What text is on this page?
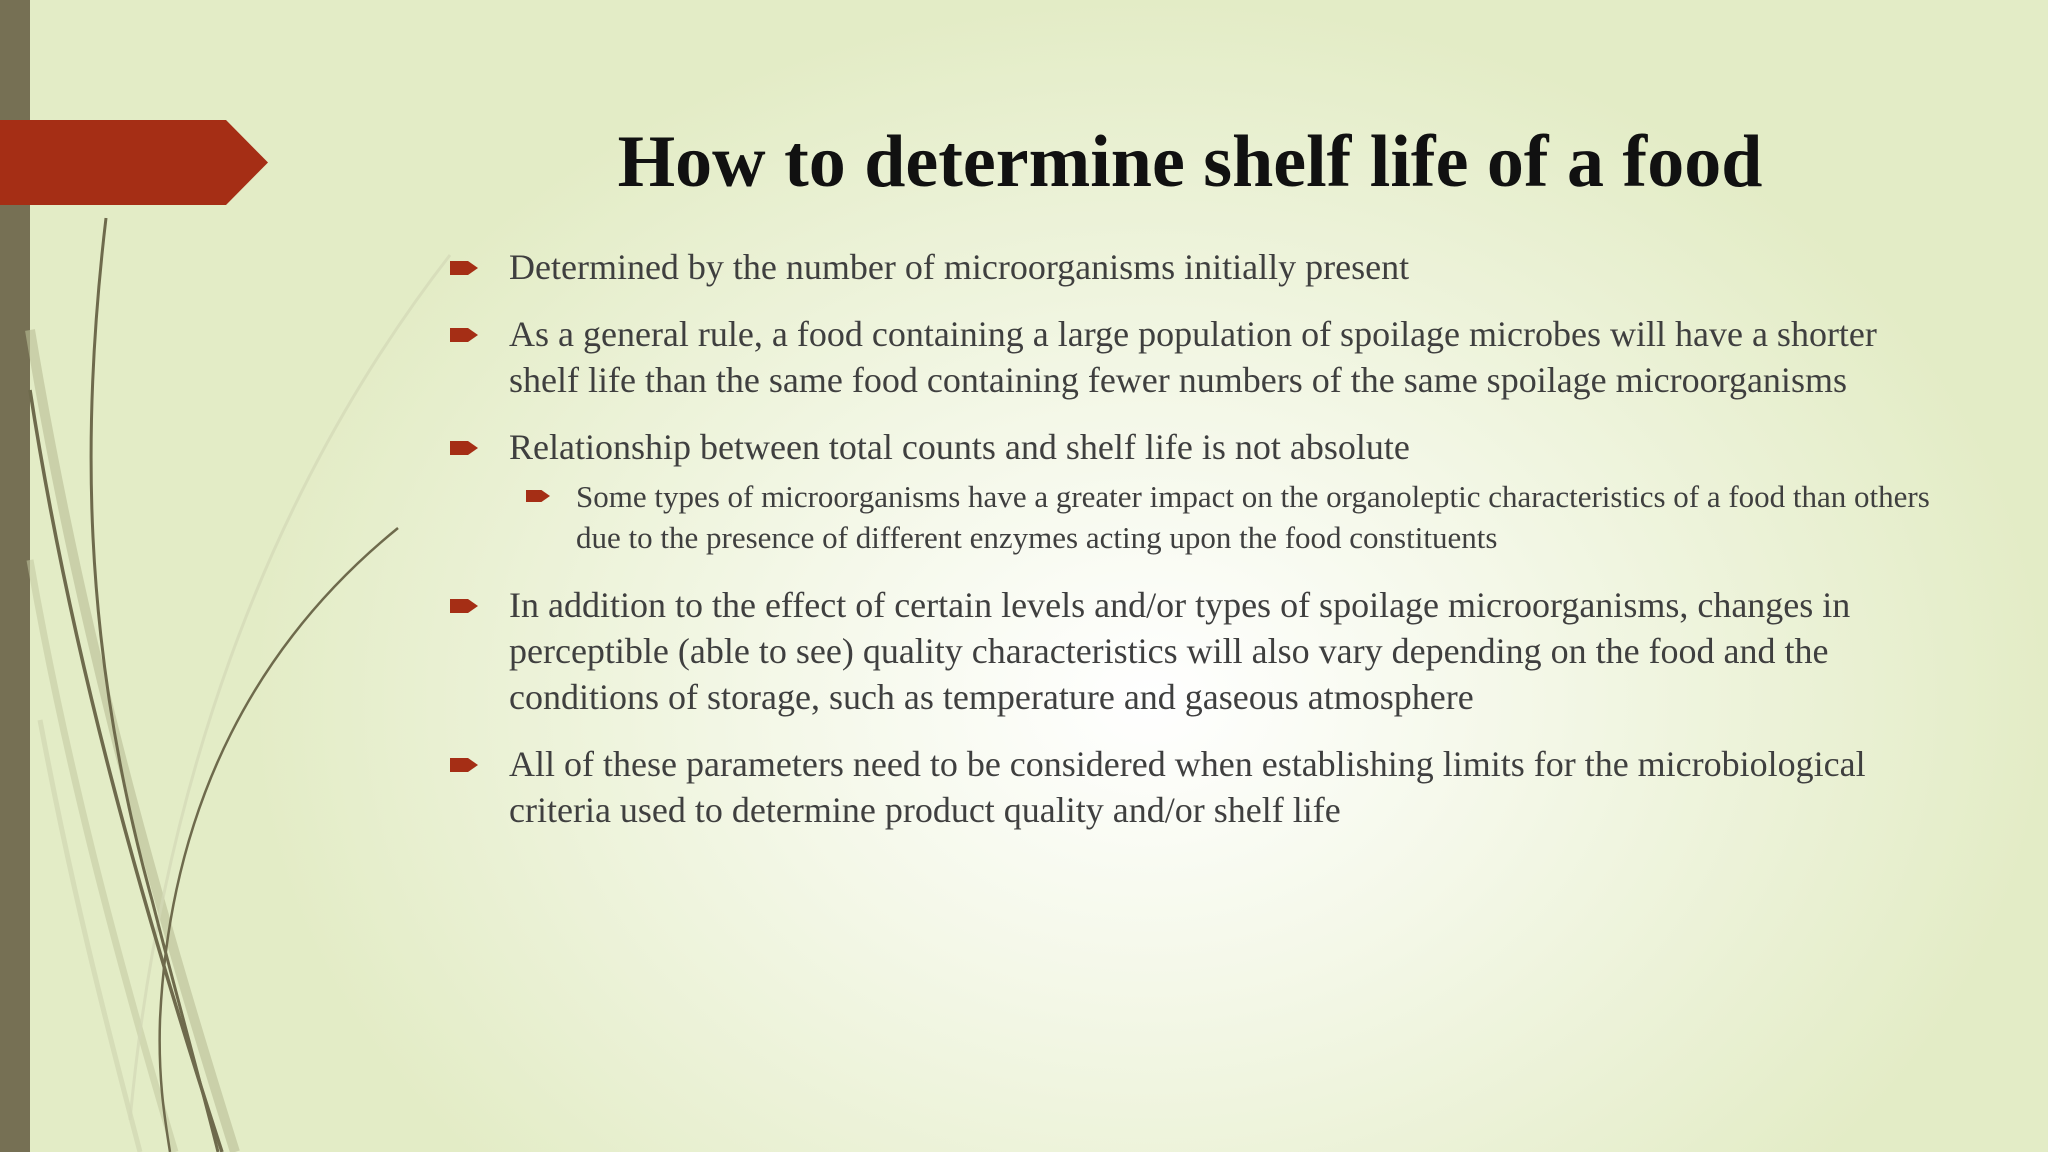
How to determine shelf life of a food
Determined by the number of microorganisms initially present
As a general rule, a food containing a large population of spoilage microbes will have a shorter shelf life than the same food containing fewer numbers of the same spoilage microorganisms
Relationship between total counts and shelf life is not absolute
Some types of microorganisms have a greater impact on the organoleptic characteristics of a food than others due to the presence of different enzymes acting upon the food constituents
In addition to the effect of certain levels and/or types of spoilage microorganisms, changes in perceptible (able to see) quality characteristics will also vary depending on the food and the conditions of storage, such as temperature and gaseous atmosphere
All of these parameters need to be considered when establishing limits for the microbiological criteria used to determine product quality and/or shelf life
